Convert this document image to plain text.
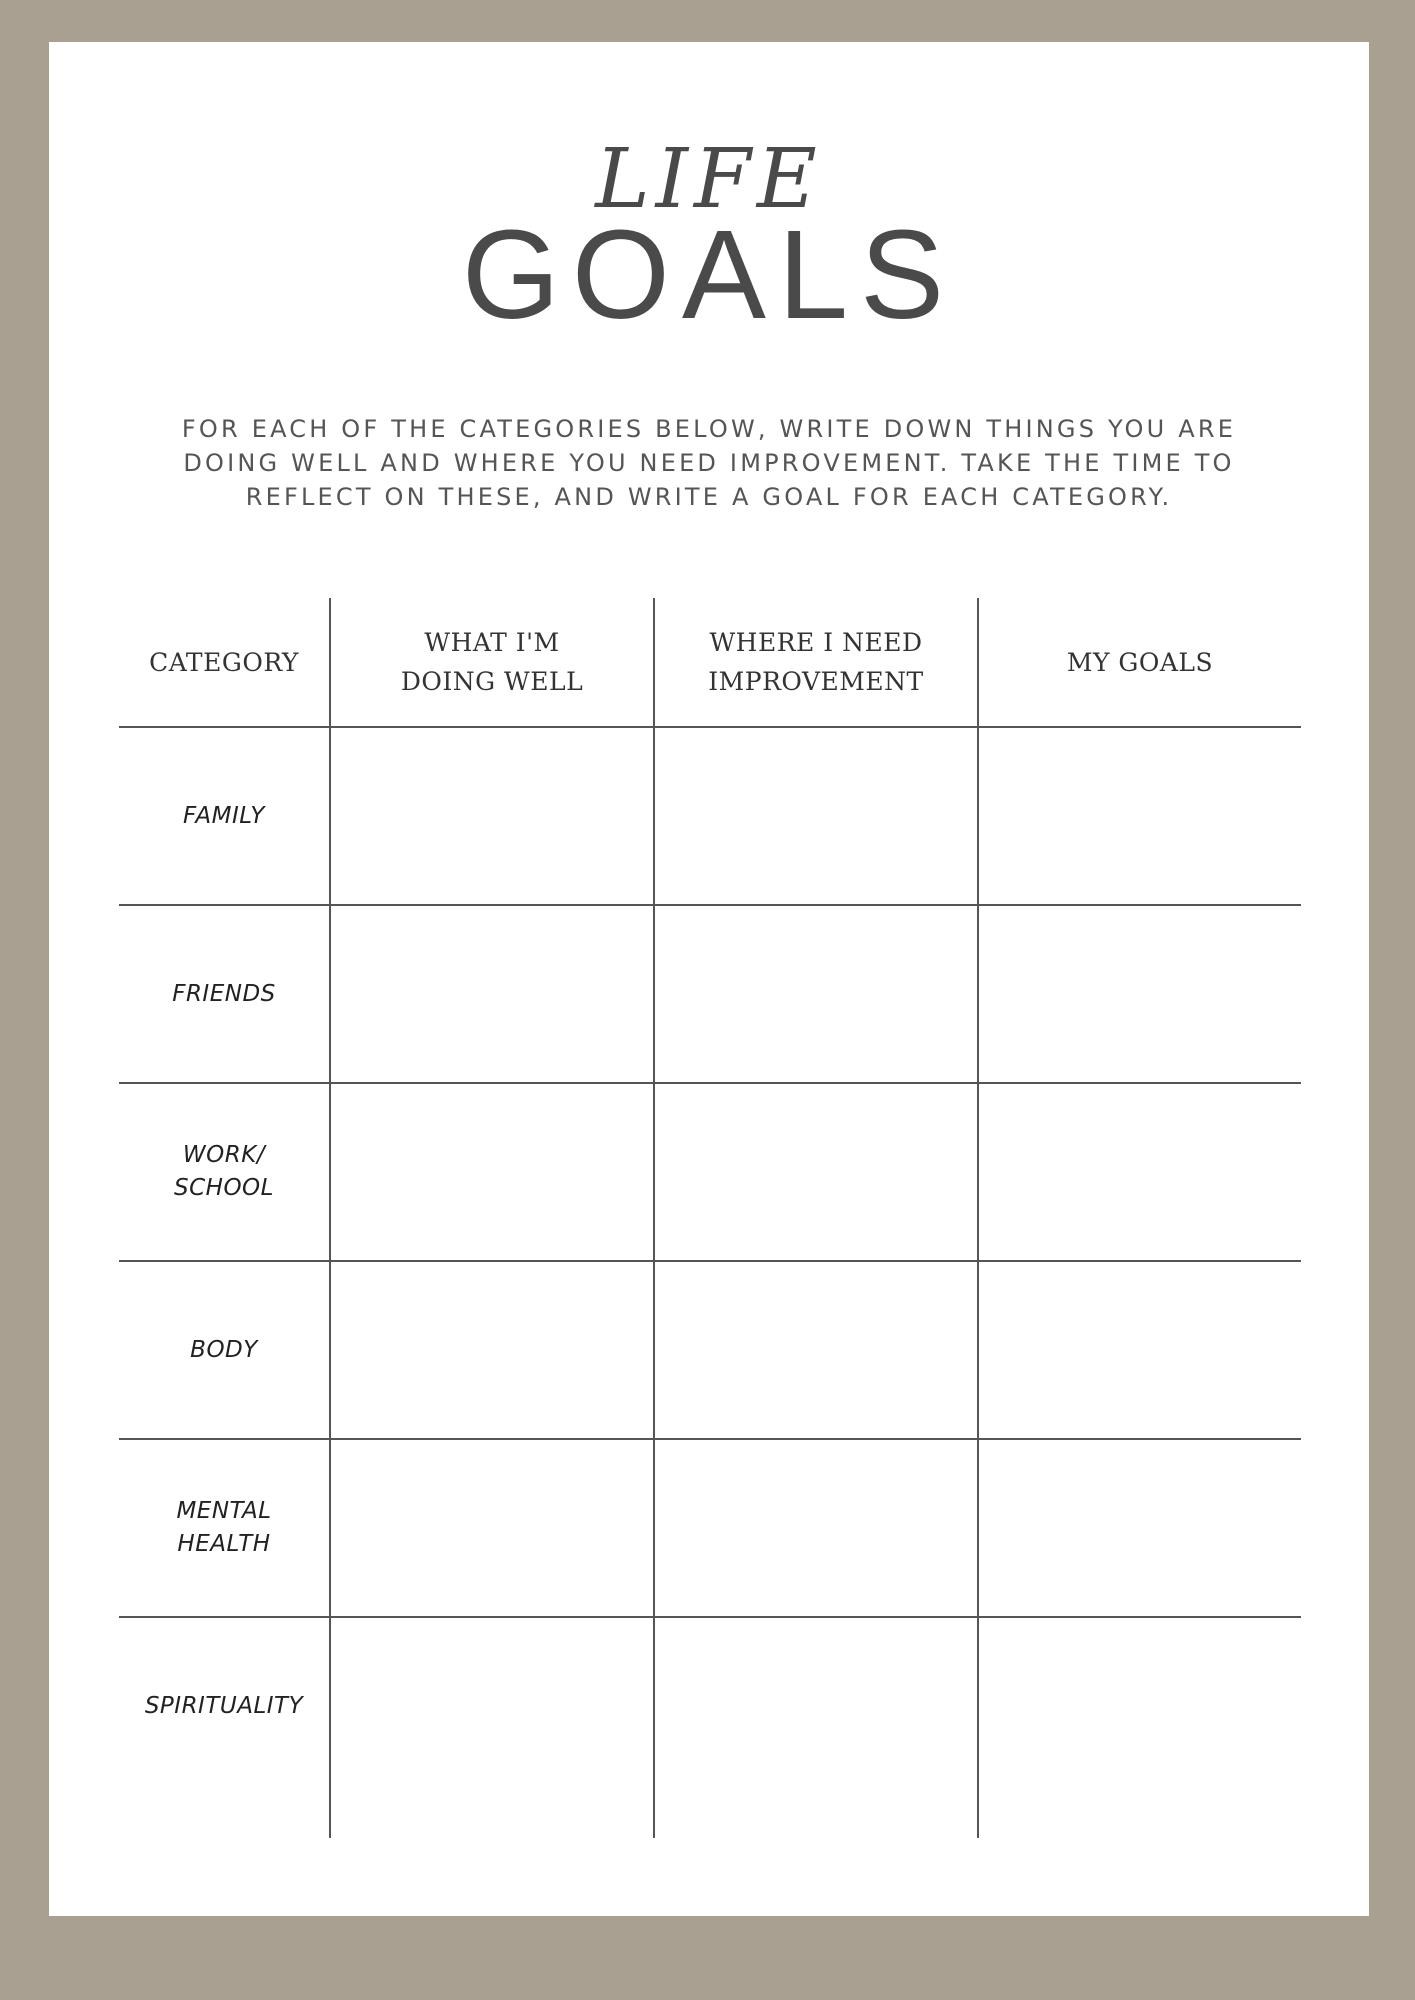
LIFE
GOALS
FOR EACH OF THE CATEGORIES BELOW, WRITE DOWN THINGS YOU ARE DOING WELL AND WHERE YOU NEED IMPROVEMENT. TAKE THE TIME TO REFLECT ON THESE, AND WRITE A GOAL FOR EACH CATEGORY.
CATEGORY
WHAT I'M
DOING WELL
WHERE I NEED
IMPROVEMENT
MY GOALS
FAMILY
FRIENDS
WORK/
SCHOOL
BODY
MENTAL
HEALTH
SPIRITUALITY
